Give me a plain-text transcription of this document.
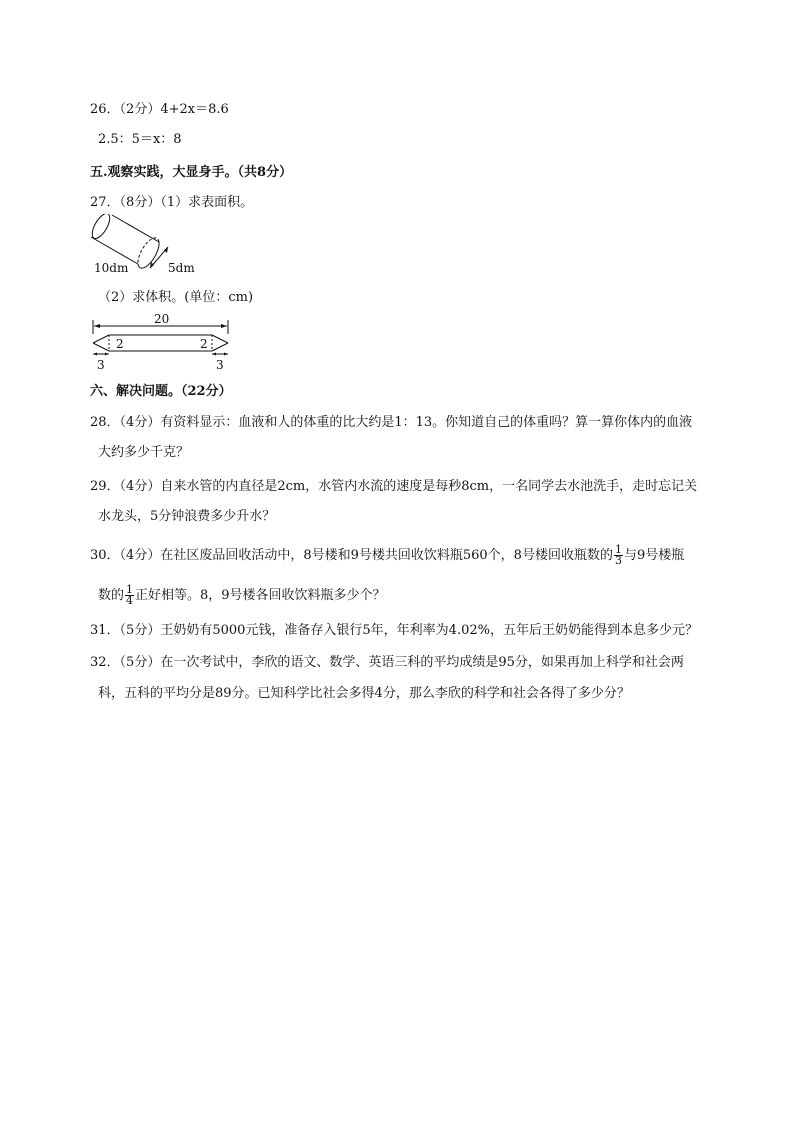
26．（2分）4+2x＝8.6
2.5：5＝x：8
五.观察实践，大显身手。（共8分）
27．（8分）（1）求表面积。
10dm	5dm
（2）求体积。(单位：cm)
20
2	2
3	3
六、解决问题。（22分）
28．（4分）有资料显示：血液和人的体重的比大约是1：13。你知道自己的体重吗？算一算你体内的血液
大约多少千克？
29．（4分）自来水管的内直径是2cm，水管内水流的速度是每秒8cm，一名同学去水池洗手，走时忘记关
水龙头，5分钟浪费多少升水？
30．（4分）在社区废品回收活动中，8号楼和9号楼共回收饮料瓶560个，8号楼回收瓶数的 $\frac{1}{3}$ 与9号楼瓶
数的 $\frac{1}{4}$ 正好相等。8，9号楼各回收饮料瓶多少个？
31．（5分）王奶奶有5000元钱，准备存入银行5年，年利率为4.02%，五年后王奶奶能得到本息多少元？
32．（5分）在一次考试中，李欣的语文、数学、英语三科的平均成绩是95分，如果再加上科学和社会两
科，五科的平均分是89分。已知科学比社会多得4分，那么李欣的科学和社会各得了多少分？
